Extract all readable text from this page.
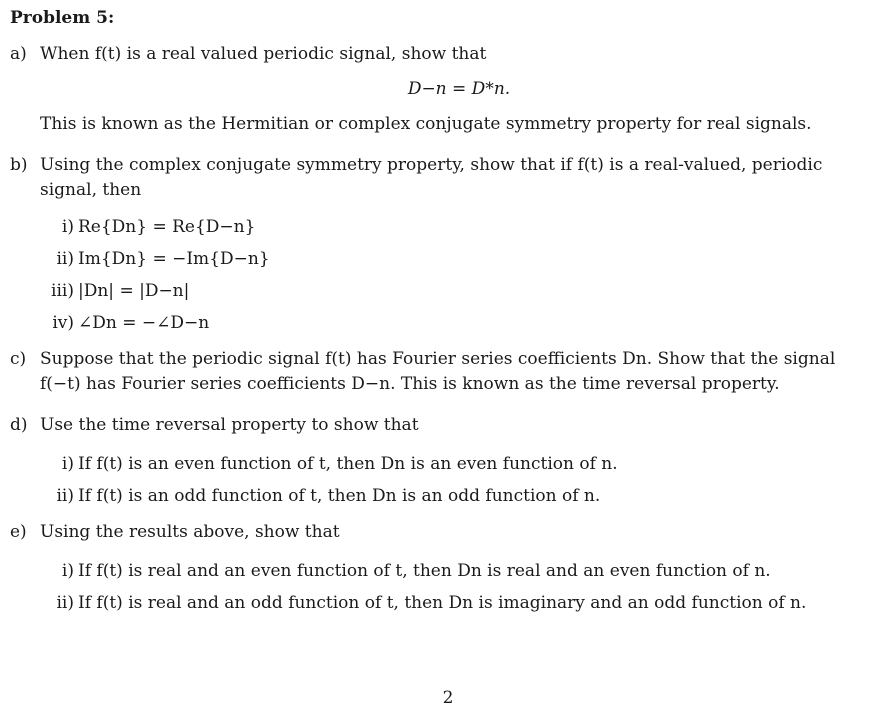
Problem 5:

a) When f(t) is a real valued periodic signal, show that
D−n = D*n.
This is known as the Hermitian or complex conjugate symmetry property for real signals.
b) Using the complex conjugate symmetry property, show that if f(t) is a real-valued, periodic signal, then
i) Re{Dn} = Re{D−n}
ii) Im{Dn} = −Im{D−n}
iii) |Dn| = |D−n|
iv) ∠Dn = −∠D−n
c) Suppose that the periodic signal f(t) has Fourier series coefficients Dn. Show that the signal f(−t) has Fourier series coefficients D−n. This is known as the time reversal property.
d) Use the time reversal property to show that
i) If f(t) is an even function of t, then Dn is an even function of n.
ii) If f(t) is an odd function of t, then Dn is an odd function of n.
e) Using the results above, show that
i) If f(t) is real and an even function of t, then Dn is real and an even function of n.
ii) If f(t) is real and an odd function of t, then Dn is imaginary and an odd function of n.
2
